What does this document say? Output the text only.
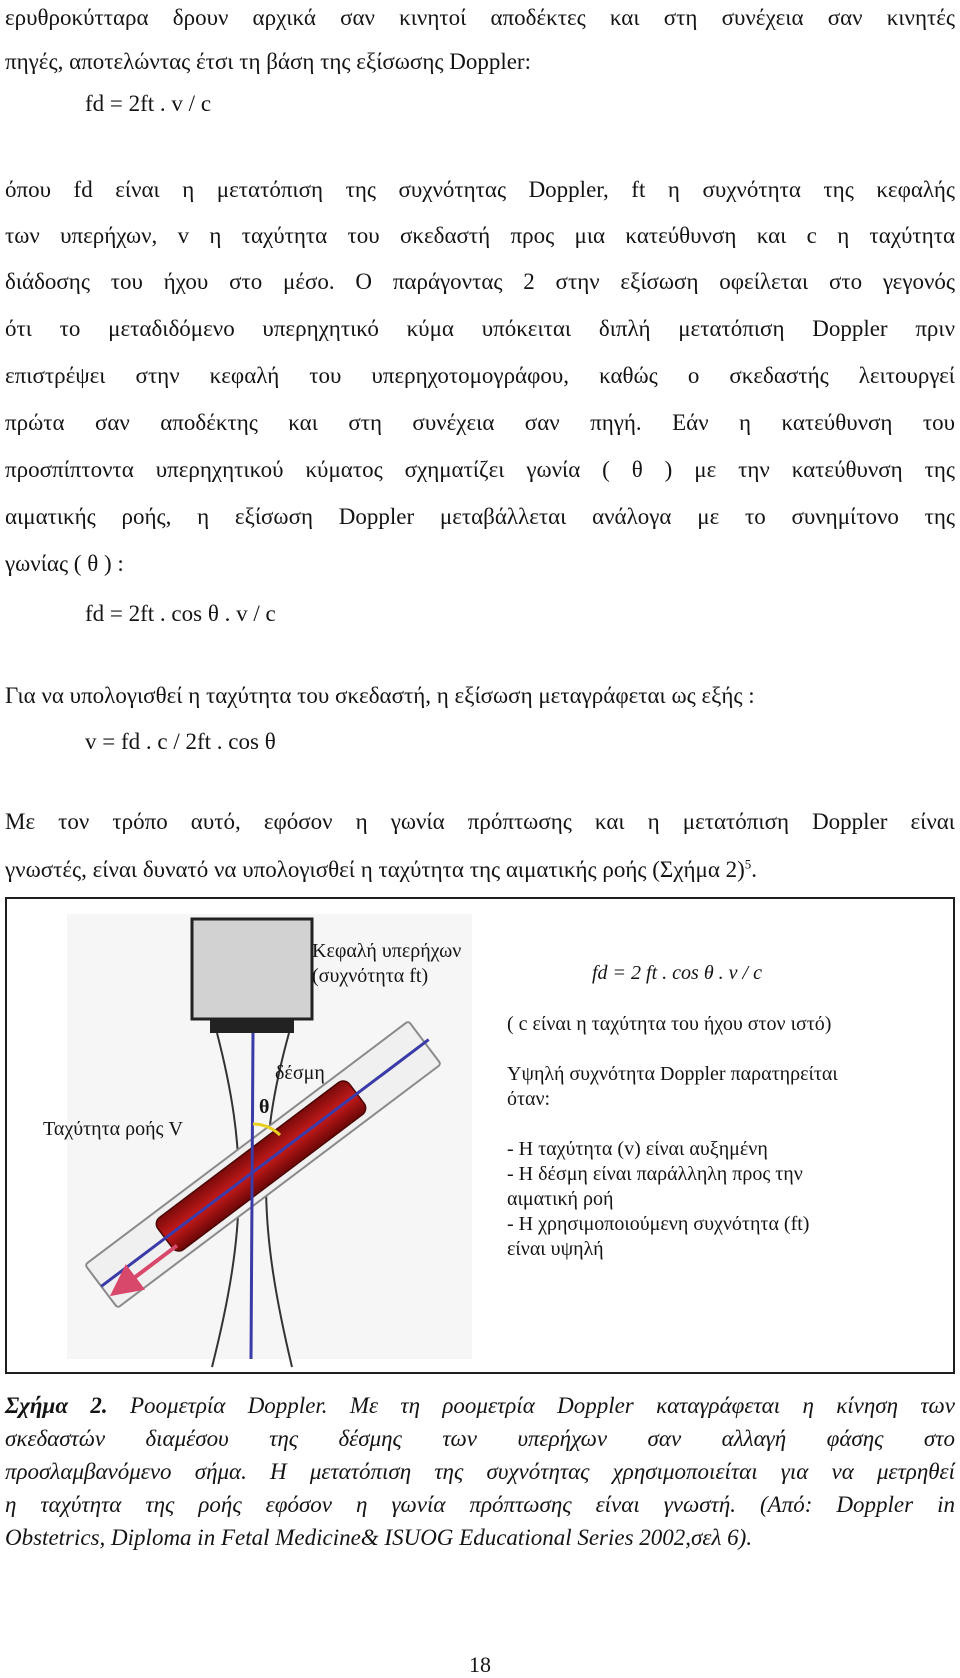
ερυθροκύτταρα δρουν αρχικά σαν κινητοί αποδέκτες και στη συνέχεια σαν κινητές
πηγές, αποτελώντας έτσι τη βάση της εξίσωσης Doppler:
fd = 2ft . v / c
όπου fd είναι η μετατόπιση της συχνότητας Doppler, ft η συχνότητα της κεφαλής
των υπερήχων, v η ταχύτητα του σκεδαστή προς μια κατεύθυνση και c η ταχύτητα
διάδοσης του ήχου στο μέσο. Ο παράγοντας 2 στην εξίσωση οφείλεται στο γεγονός
ότι το μεταδιδόμενο υπερηχητικό κύμα υπόκειται διπλή μετατόπιση Doppler πριν
επιστρέψει στην κεφαλή του υπερηχοτομογράφου, καθώς ο σκεδαστής λειτουργεί
πρώτα σαν αποδέκτης και στη συνέχεια σαν πηγή. Εάν η κατεύθυνση του
προσπίπτοντα υπερηχητικού κύματος σχηματίζει γωνία ( θ ) με την κατεύθυνση της
αιματικής ροής, η εξίσωση Doppler μεταβάλλεται ανάλογα με το συνημίτονο της
γωνίας ( θ ) :
fd = 2ft . cos θ . v / c
Για να υπολογισθεί η ταχύτητα του σκεδαστή, η εξίσωση μεταγράφεται ως εξής :
v = fd . c / 2ft . cos θ
Με τον τρόπο αυτό, εφόσον η γωνία πρόπτωσης και η μετατόπιση Doppler είναι
γνωστές, είναι δυνατό να υπολογισθεί η ταχύτητα της αιματικής ροής (Σχήμα 2)$^5$.
Κεφαλή υπερήχων
(συχνότητα ft)	fd = 2 ft . cos θ . v / c
( c είναι η ταχύτητα του ήχου στον ιστό)
δέσμη
θ
Ταχύτητα ροής V
Υψηλή συχνότητα Doppler παρατηρείται
όταν:
- Η ταχύτητα (v) είναι αυξημένη
- Η δέσμη είναι παράλληλη προς την
αιματική ροή
- Η χρησιμοποιούμενη συχνότητα (ft)
είναι υψηλή
Σχήμα 2. Ροομετρία Doppler. Με τη ροομετρία Doppler καταγράφεται η κίνηση των
σκεδαστών διαμέσου της δέσμης των υπερήχων σαν αλλαγή φάσης στο
προσλαμβανόμενο σήμα. Η μετατόπιση της συχνότητας χρησιμοποιείται για να μετρηθεί
η ταχύτητα της ροής εφόσον η γωνία πρόπτωσης είναι γνωστή. (Από: Doppler in
Obstetrics, Diploma in Fetal Medicine& ISUOG Educational Series 2002,σελ 6).
18
